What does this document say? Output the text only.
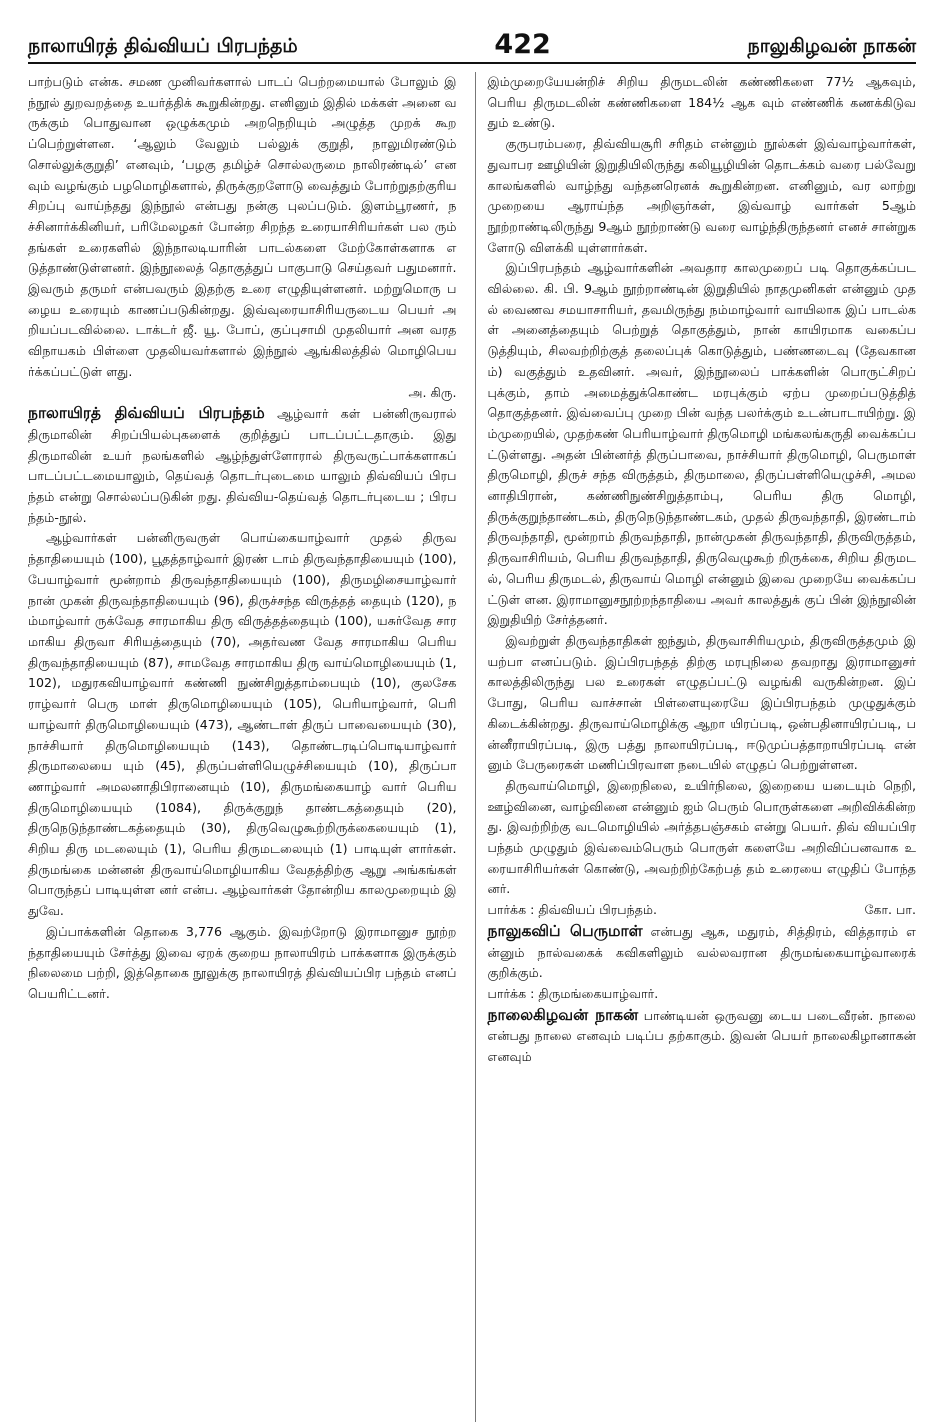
நாலாயிரத் திவ்வியப் பிரபந்தம்	422	நாலுகிழவன் நாகன்

பாற்படும் என்க. சமண முனிவர்களால் பாடப் பெற்றமையால் போலும் இந்நூல் துறவறத்தை உயர்த்திக் கூறுகின்றது. எனினும் இதில் மக்கள் அனை வருக்கும் பொதுவான ஒழுக்கமும் அறநெறியும் அழுத்த முறக் கூறப்பெற்றுள்ளன. ‘ஆலும் வேலும் பல்லுக் குறுதி, நாலுமிரண்டும் சொல்லுக்குறுதி’ எனவும், ‘பழகு தமிழ்ச் சொல்லருமை நாலிரண்டில்’ எனவும் வழங்கும் பழமொழிகளால், திருக்குறளோடு வைத்தும் போற்றுதற்குரிய சிறப்பு வாய்ந்தது இந்நூல் என்பது நன்கு புலப்படும். இளம்பூரணர், நச்சினார்க்கினியர், பரிமேலழகர் போன்ற சிறந்த உரையாசிரியர்கள் பல ரும் தங்கள் உரைகளில் இந்நாலடியாரின் பாடல்களை மேற்கோள்களாக எடுத்தாண்டுள்ளனர். இந்நூலைத் தொகுத்துப் பாகுபாடு செய்தவர் பதுமனார். இவரும் தருமர் என்பவரும் இதற்கு உரை எழுதியுள்ளனர். மற்றுமொரு பழைய உரையும் காணப்படுகின்றது. இவ்வுரையாசிரியருடைய பெயர் அறியப்படவில்லை. டாக்டர் ஜீ. யூ. போப், குப்புசாமி முதலியார் அன வரத விநாயகம் பிள்ளை முதலியவர்களால் இந்நூல் ஆங்கிலத்தில் மொழிபெயர்க்கப்பட்டுள் ளது.

அ. கிரு.

நாலாயிரத் திவ்வியப் பிரபந்தம் ஆழ்வார் கள் பன்னிருவரால் திருமாலின் சிறப்பியல்புகளைக் குறித்துப் பாடப்பட்டதாகும். இது திருமாலின் உயர் நலங்களில் ஆழ்ந்துள்ளோரால் திருவருட்பாக்களாகப் பாடப்பட்டமையாலும், தெய்வத் தொடர்புடைமை யாலும் திவ்வியப் பிரபந்தம் என்று சொல்லப்படுகின் றது. திவ்விய-தெய்வத் தொடர்புடைய ; பிரபந்தம்-நூல்.

ஆழ்வார்கள் பன்னிருவருள் பொய்கையாழ்வார் முதல் திருவந்தாதியையும் (100), பூதத்தாழ்வார் இரண் டாம் திருவந்தாதியையும் (100), பேயாழ்வார் மூன்றாம் திருவந்தாதியையும் (100), திருமழிசையாழ்வார் நான் முகன் திருவந்தாதியையும் (96), திருச்சந்த விருத்தத் தையும் (120), நம்மாழ்வார் ருக்வேத சாரமாகிய திரு விருத்தத்தையும் (100), யசுர்வேத சாரமாகிய திருவா சிரியத்தையும் (70), அதர்வண வேத சாரமாகிய பெரிய திருவந்தாதியையும் (87), சாமவேத சாரமாகிய திரு வாய்மொழியையும் (1,102), மதுரகவியாழ்வார் கண்ணி நுண்சிறுத்தாம்பையும் (10), குலசேகராழ்வார் பெரு மாள் திருமொழியையும் (105), பெரியாழ்வார், பெரி யாழ்வார் திருமொழியையும் (473), ஆண்டாள் திருப் பாவையையும் (30), நாச்சியார் திருமொழியையும் (143), தொண்டரடிப்பொடியாழ்வார் திருமாலையை யும் (45), திருப்பள்ளியெழுச்சியையும் (10), திருப்பா ணாழ்வார் அமலனாதிபிரானையும் (10), திருமங்கையாழ் வார் பெரிய திருமொழியையும் (1084), திருக்குறுந் தாண்டகத்தையும் (20), திருநெடுந்தாண்டகத்தையும் (30), திருவெழுகூற்றிருக்கையையும் (1), சிறிய திரு மடலையும் (1), பெரிய திருமடலையும் (1) பாடியுள் ளார்கள். திருமங்கை மன்னன் திருவாய்மொழியாகிய வேதத்திற்கு ஆறு அங்கங்கள் பொருந்தப் பாடியுள்ள னர் என்ப. ஆழ்வார்கள் தோன்றிய காலமுறையும் இதுவே.

இப்பாக்களின் தொகை 3,776 ஆகும். இவற்றோடு இராமானுச நூற்றந்தாதியையும் சேர்த்து இவை ஏறக் குறைய நாலாயிரம் பாக்களாக இருக்கும் நிலைமை பற்றி, இத்தொகை நூலுக்கு நாலாயிரத் திவ்வியப்பிர பந்தம் எனப் பெயரிட்டனர்.

இம்முறையேயன்றிச் சிறிய திருமடலின் கண்ணிகளை 77½ ஆகவும், பெரிய திருமடலின் கண்ணிகளை 184½ ஆக வும் எண்ணிக் கணக்கிடுவதும் உண்டு.

குருபரம்பரை, திவ்வியசூரி சரிதம் என்னும் நூல்கள் இவ்வாழ்வார்கள், துவாபர ஊழியின் இறுதியிலிருந்து கலியூழியின் தொடக்கம் வரை பல்வேறு காலங்களில் வாழ்ந்து வந்தனரெனக் கூறுகின்றன. எனினும், வர லாற்று முறையை ஆராய்ந்த அறிஞர்கள், இவ்வாழ் வார்கள் 5ஆம் நூற்றாண்டிலிருந்து 9ஆம் நூற்றாண்டு வரை வாழ்ந்திருந்தனர் எனச் சான்றுகளோடு விளக்கி யுள்ளார்கள்.

இப்பிரபந்தம் ஆழ்வார்களின் அவதார காலமுறைப் படி தொகுக்கப்படவில்லை. கி. பி. 9ஆம் நூற்றாண்டின் இறுதியில் நாதமுனிகள் என்னும் முதல் வைணவ சமயாசாரியர், தவமிருந்து நம்மாழ்வார் வாயிலாக இப் பாடல்கள் அனைத்தையும் பெற்றுத் தொகுத்தும், நான் காயிரமாக வகைப்படுத்தியும், சிலவற்றிற்குத் தலைப்புக் கொடுத்தும், பண்ணடைவு (தேவகானம்) வகுத்தும் உதவினர். அவர், இந்நூலைப் பாக்களின் பொருட்சிறப் புக்கும், தாம் அமைத்துக்கொண்ட மரபுக்கும் ஏற்ப முறைப்படுத்தித் தொகுத்தனர். இவ்வைப்பு முறை பின் வந்த பலர்க்கும் உடன்பாடாயிற்று. இம்முறையில், முதற்கண் பெரியாழ்வார் திருமொழி மங்கலங்கருதி வைக்கப்பட்டுள்ளது. அதன் பின்னர்த் திருப்பாவை, நாச்சியார் திருமொழி, பெருமாள் திருமொழி, திருச் சந்த விருத்தம், திருமாலை, திருப்பள்ளியெழுச்சி, அமல னாதிபிரான், கண்ணிநுண்சிறுத்தாம்பு, பெரிய திரு மொழி, திருக்குறுந்தாண்டகம், திருநெடுந்தாண்டகம், முதல் திருவந்தாதி, இரண்டாம் திருவந்தாதி, மூன்றாம் திருவந்தாதி, நான்முகன் திருவந்தாதி, திருவிருத்தம், திருவாசிரியம், பெரிய திருவந்தாதி, திருவெழுகூற் றிருக்கை, சிறிய திருமடல், பெரிய திருமடல், திருவாய் மொழி என்னும் இவை முறையே வைக்கப்பட்டுள் ளன. இராமானுசநூற்றந்தாதியை அவர் காலத்துக் குப் பின் இந்நூலின் இறுதியிற் சேர்த்தனர்.

இவற்றுள் திருவந்தாதிகள் ஐந்தும், திருவாசிரியமும், திருவிருத்தமும் இயற்பா எனப்படும். இப்பிரபந்தத் திற்கு மரபுநிலை தவறாது இராமானுசர் காலத்திலிருந்து பல உரைகள் எழுதப்பட்டு வழங்கி வருகின்றன. இப் போது, பெரிய வாச்சான் பிள்ளையுரையே இப்பிரபந்தம் முழுதுக்கும் கிடைக்கின்றது. திருவாய்மொழிக்கு ஆறா யிரப்படி, ஒன்பதினாயிரப்படி, பன்னீராயிரப்படி, இரு பத்து நாலாயிரப்படி, ஈடுமுப்பத்தாறாயிரப்படி என் னும் பேருரைகள் மணிப்பிரவாள நடையில் எழுதப் பெற்றுள்ளன.

திருவாய்மொழி, இறைநிலை, உயிர்நிலை, இறையை யடையும் நெறி, ஊழ்வினை, வாழ்வினை என்னும் ஐம் பெரும் பொருள்களை அறிவிக்கின்றது. இவற்றிற்கு வடமொழியில் அர்த்தபஞ்சகம் என்று பெயர். திவ் வியப்பிரபந்தம் முழுதும் இவ்வைம்பெரும் பொருள் களையே அறிவிப்பனவாக உரையாசிரியர்கள் கொண்டு, அவற்றிற்கேற்பத் தம் உரையை எழுதிப் போந்தனர்.

பார்க்க : திவ்வியப் பிரபந்தம்.	கோ. பா.

நாலுகவிப் பெருமாள் என்பது ஆசு, மதுரம், சித்திரம், வித்தாரம் என்னும் நால்வகைக் கவிகளிலும் வல்லவரான திருமங்கையாழ்வாரைக் குறிக்கும்.

பார்க்க : திருமங்கையாழ்வார்.

நாலைகிழவன் நாகன் பாண்டியன் ஒருவனு டைய படைவீரன். நாலை என்பது நாலை எனவும் படிப்ப தற்காகும். இவன் பெயர் நாலைகிழானாகன் எனவும்
